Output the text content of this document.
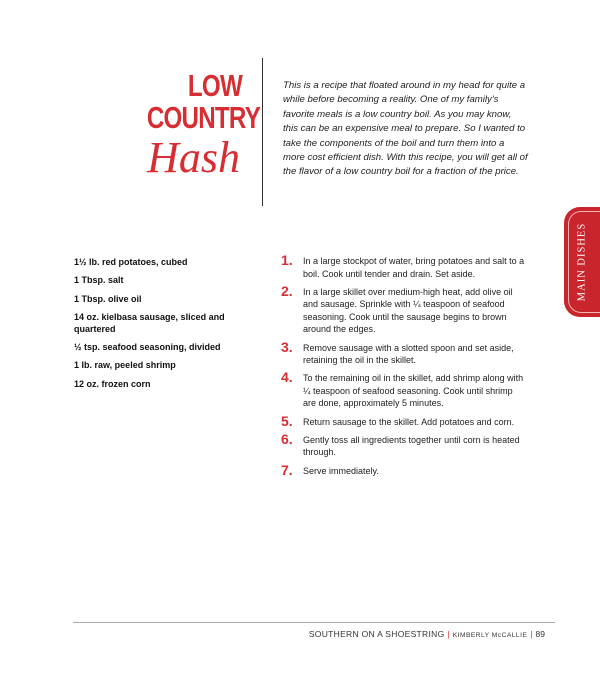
LOW
COUNTRY
Hash
This is a recipe that floated around in my head for quite a while before becoming a reality. One of my family's favorite meals is a low country boil. As you may know, this can be an expensive meal to prepare. So I wanted to take the components of the boil and turn them into a more cost efficient dish. With this recipe, you will get all of the flavor of a low country boil for a fraction of the price.
MAIN DISHES
1½ lb. red potatoes, cubed
1 Tbsp. salt
1 Tbsp. olive oil
14 oz. kielbasa sausage, sliced and quartered
½ tsp. seafood seasoning, divided
1 lb. raw, peeled shrimp
12 oz. frozen corn
1. In a large stockpot of water, bring potatoes and salt to a boil. Cook until tender and drain. Set aside.
2. In a large skillet over medium-high heat, add olive oil and sausage. Sprinkle with ¼ teaspoon of seafood seasoning. Cook until the sausage begins to brown around the edges.
3. Remove sausage with a slotted spoon and set aside, retaining the oil in the skillet.
4. To the remaining oil in the skillet, add shrimp along with ¼ teaspoon of seafood seasoning. Cook until shrimp are done, approximately 5 minutes.
5. Return sausage to the skillet. Add potatoes and corn.
6. Gently toss all ingredients together until corn is heated through.
7. Serve immediately.
SOUTHERN ON A SHOESTRING | KIMBERLY McCALLIE | 89
